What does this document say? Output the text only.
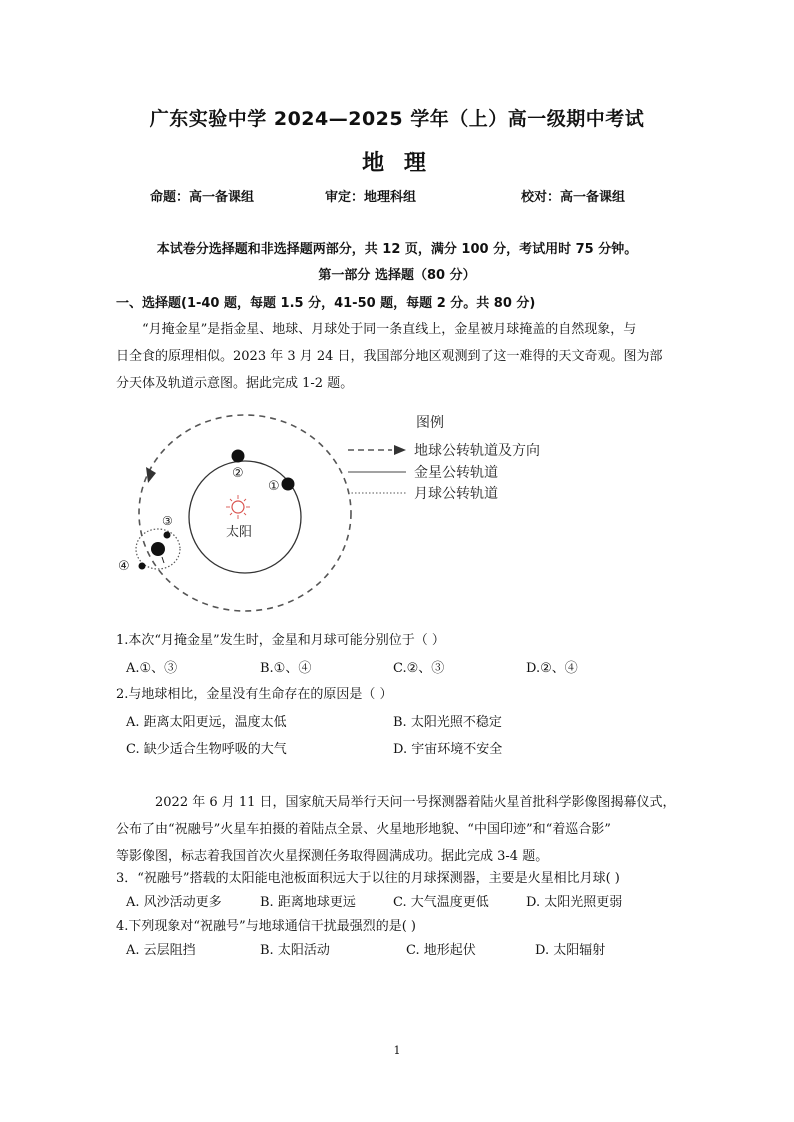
广东实验中学 2024—2025 学年（上）高一级期中考试
地 理
命题：高一备课组	审定：地理科组	校对：高一备课组
本试卷分选择题和非选择题两部分，共 12 页，满分 100 分，考试用时 75 分钟。
第一部分 选择题（80 分）
一、选择题(1-40 题，每题 1.5 分，41-50 题，每题 2 分。共 80 分)
“月掩金星”是指金星、地球、月球处于同一条直线上，金星被月球掩盖的自然现象，与
日全食的原理相似。2023 年 3 月 24 日，我国部分地区观测到了这一难得的天文奇观。图为部
分天体及轨道示意图。据此完成 1-2 题。
太阳
②
①
③
④
图例
地球公转轨道及方向
金星公转轨道
月球公转轨道
1.本次“月掩金星”发生时，金星和月球可能分别位于（ ）
A.①、③	B.①、④	C.②、③	D.②、④
2.与地球相比，金星没有生命存在的原因是（ ）
A. 距离太阳更远，温度太低	B. 太阳光照不稳定
C. 缺少适合生物呼吸的大气	D. 宇宙环境不安全
2022 年 6 月 11 日，国家航天局举行天问一号探测器着陆火星首批科学影像图揭幕仪式，
公布了由“祝融号”火星车拍摄的着陆点全景、火星地形地貌、“中国印迹”和“着巡合影”
等影像图，标志着我国首次火星探测任务取得圆满成功。据此完成 3-4 题。
3．“祝融号”搭载的太阳能电池板面积远大于以往的月球探测器，主要是火星相比月球( )
A. 风沙活动更多	B. 距离地球更远	C. 大气温度更低	D. 太阳光照更弱
4.下列现象对“祝融号”与地球通信干扰最强烈的是( )
A. 云层阻挡	B. 太阳活动	C. 地形起伏	D. 太阳辐射
1
